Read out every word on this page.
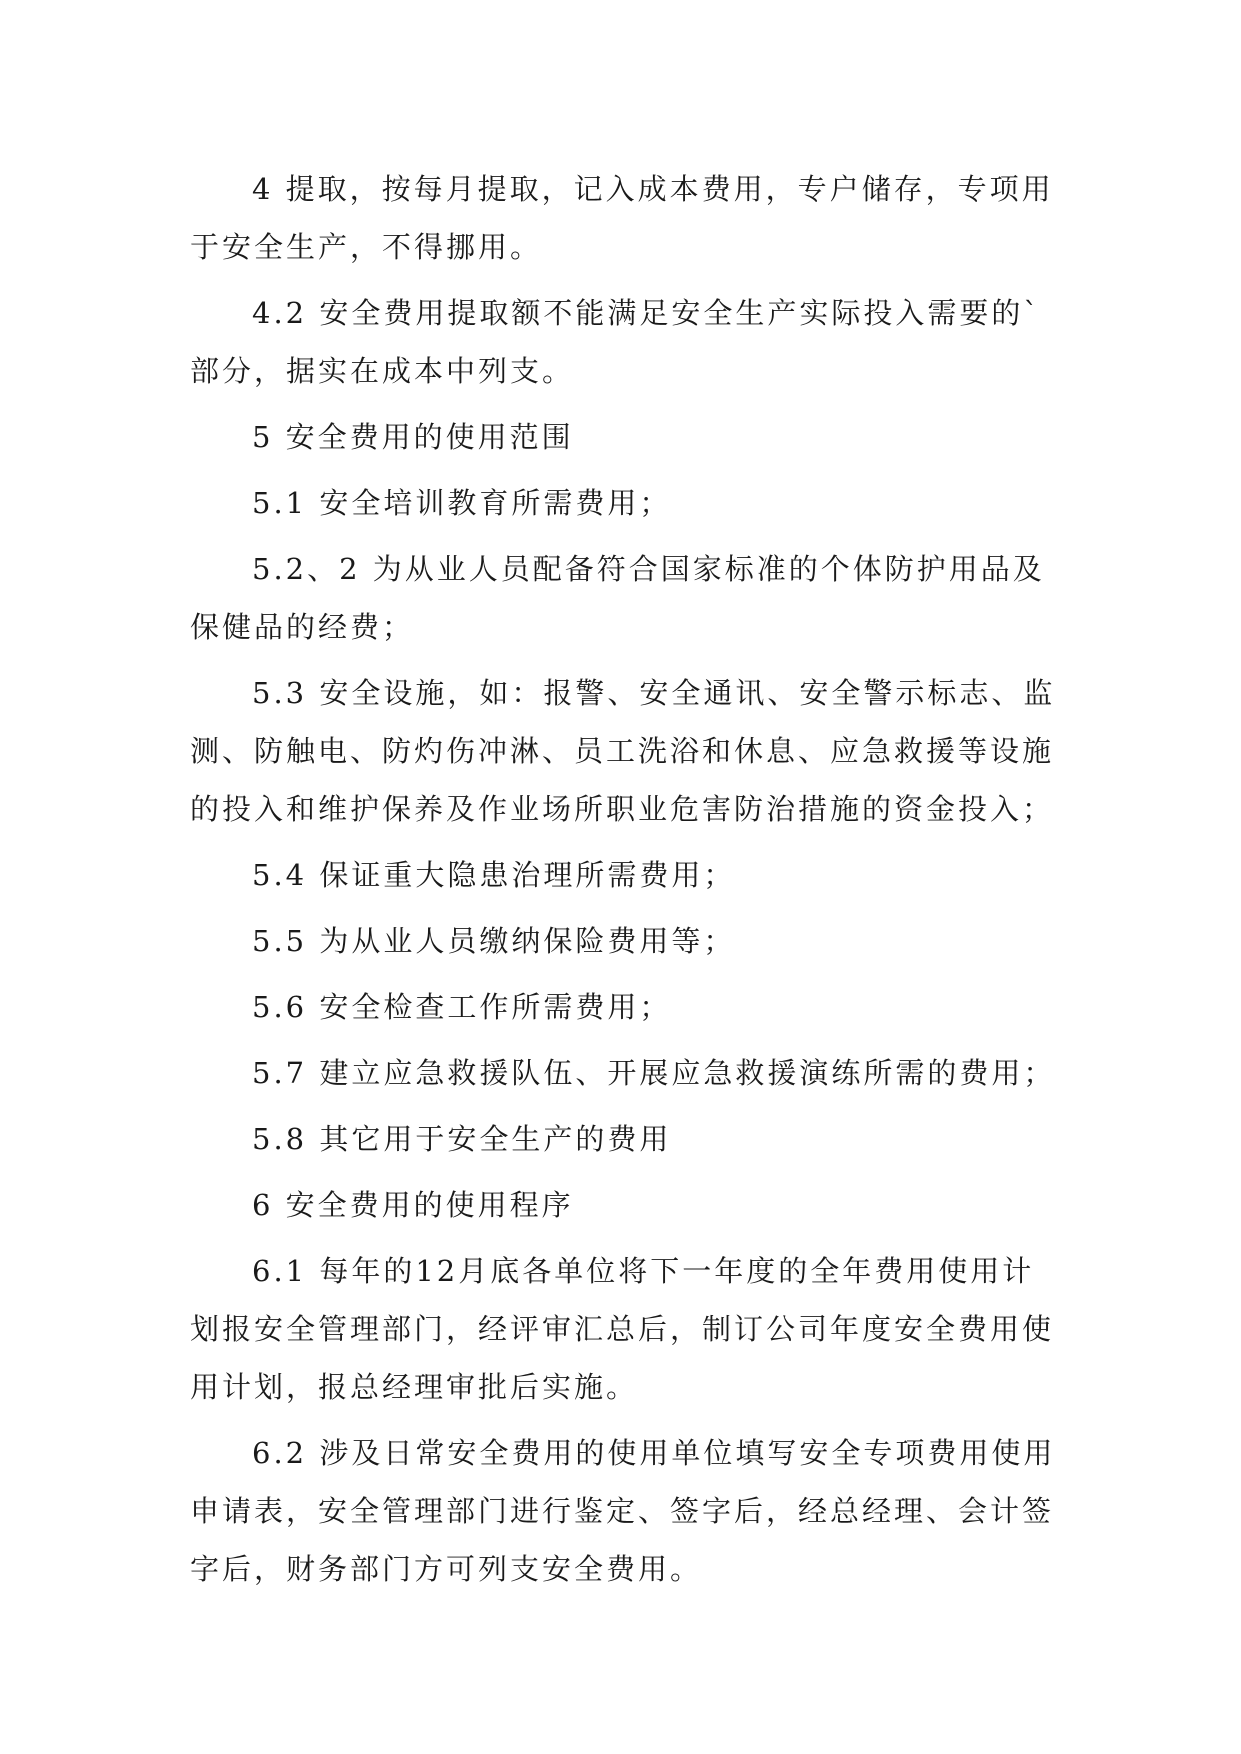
4 提取，按每月提取，记入成本费用，专户储存，专项用于安全生产，不得挪用。

4.2 安全费用提取额不能满足安全生产实际投入需要的`部分，据实在成本中列支。

5 安全费用的使用范围

5.1 安全培训教育所需费用；

5.2、2 为从业人员配备符合国家标准的个体防护用品及保健品的经费；

5.3 安全设施，如：报警、安全通讯、安全警示标志、监测、防触电、防灼伤冲淋、员工洗浴和休息、应急救援等设施的投入和维护保养及作业场所职业危害防治措施的资金投入；

5.4 保证重大隐患治理所需费用；

5.5 为从业人员缴纳保险费用等；

5.6 安全检查工作所需费用；

5.7 建立应急救援队伍、开展应急救援演练所需的费用；

5.8 其它用于安全生产的费用

6 安全费用的使用程序

6.1 每年的12月底各单位将下一年度的全年费用使用计划报安全管理部门，经评审汇总后，制订公司年度安全费用使用计划，报总经理审批后实施。

6.2 涉及日常安全费用的使用单位填写安全专项费用使用申请表，安全管理部门进行鉴定、签字后，经总经理、会计签字后，财务部门方可列支安全费用。
